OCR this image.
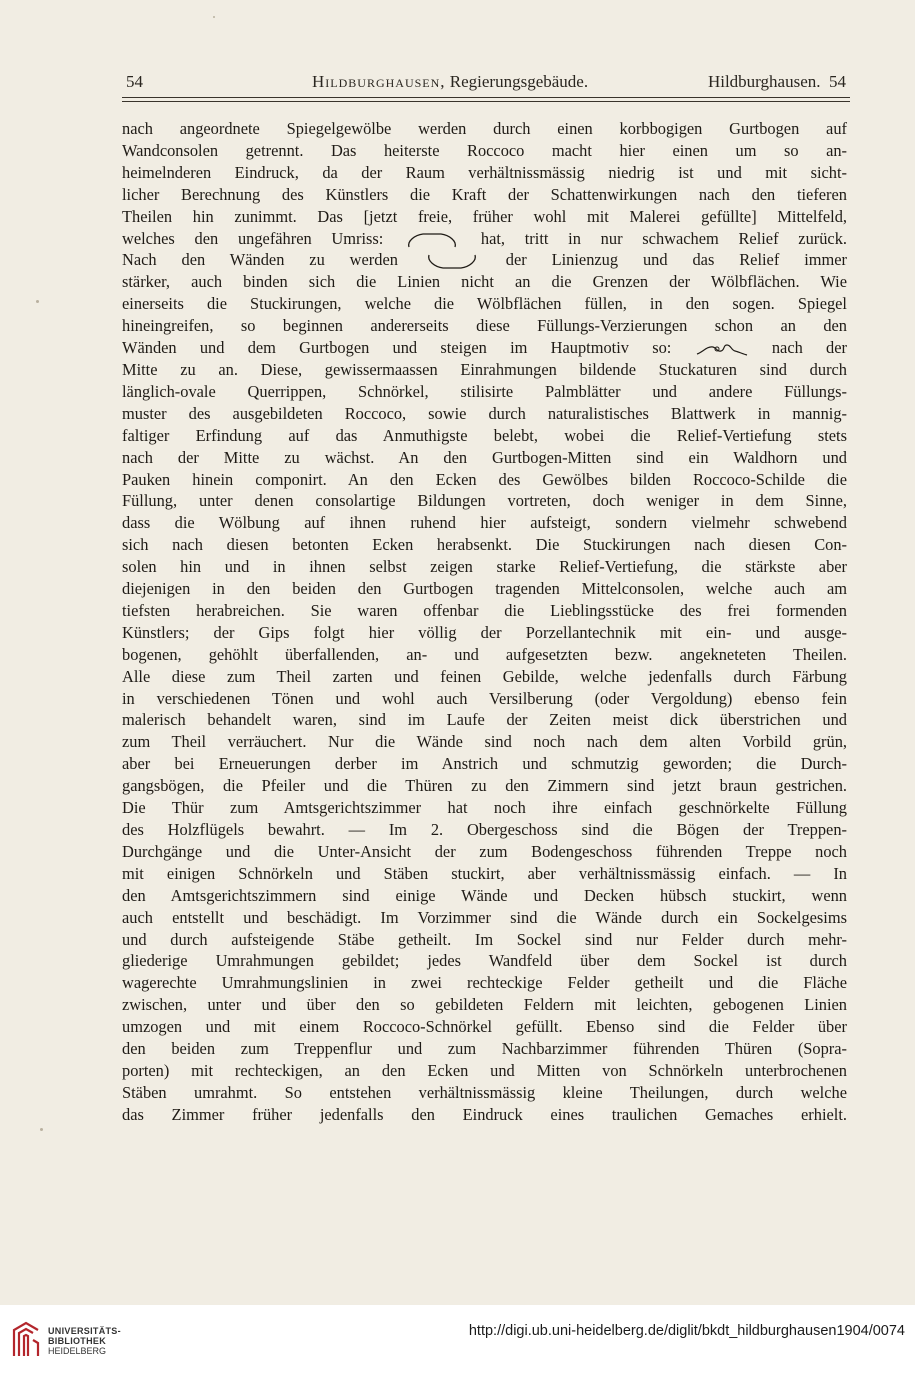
54	Hildburghausen, Regierungsgebäude.	Hildburghausen. 54
nach angeordnete Spiegelgewölbe werden durch einen korbbogigen Gurtbogen auf
Wandconsolen getrennt. Das heiterste Roccoco macht hier einen um so an-
heimelnderen Eindruck, da der Raum verhältnissmässig niedrig ist und mit sicht-
licher Berechnung des Künstlers die Kraft der Schattenwirkungen nach den tieferen
Theilen hin zunimmt. Das [jetzt freie, früher wohl mit Malerei gefüllte] Mittelfeld,
welches den ungefähren Umriss:	hat, tritt in nur schwachem Relief zurück.
Nach den Wänden zu werden	der Linienzug und das Relief immer
stärker, auch binden sich die Linien nicht an die Grenzen der Wölbflächen. Wie
einerseits die Stuckirungen, welche die Wölbflächen füllen, in den sogen. Spiegel
hineingreifen, so beginnen andererseits diese Füllungs-Verzierungen schon an den
Wänden und dem Gurtbogen und steigen im Hauptmotiv so:	nach der
Mitte zu an. Diese, gewissermaassen Einrahmungen bildende Stuckaturen sind durch
länglich-ovale Querrippen, Schnörkel, stilisirte Palmblätter und andere Füllungs-
muster des ausgebildeten Roccoco, sowie durch naturalistisches Blattwerk in mannig-
faltiger Erfindung auf das Anmuthigste belebt, wobei die Relief-Vertiefung stets
nach der Mitte zu wächst. An den Gurtbogen-Mitten sind ein Waldhorn und
Pauken hinein componirt. An den Ecken des Gewölbes bilden Roccoco-Schilde die
Füllung, unter denen consolartige Bildungen vortreten, doch weniger in dem Sinne,
dass die Wölbung auf ihnen ruhend hier aufsteigt, sondern vielmehr schwebend
sich nach diesen betonten Ecken herabsenkt. Die Stuckirungen nach diesen Con-
solen hin und in ihnen selbst zeigen starke Relief-Vertiefung, die stärkste aber
diejenigen in den beiden den Gurtbogen tragenden Mittelconsolen, welche auch am
tiefsten herabreichen. Sie waren offenbar die Lieblingsstücke des frei formenden
Künstlers; der Gips folgt hier völlig der Porzellantechnik mit ein- und ausge-
bogenen, gehöhlt überfallenden, an- und aufgesetzten bezw. angekneteten Theilen.
Alle diese zum Theil zarten und feinen Gebilde, welche jedenfalls durch Färbung
in verschiedenen Tönen und wohl auch Versilberung (oder Vergoldung) ebenso fein
malerisch behandelt waren, sind im Laufe der Zeiten meist dick überstrichen und
zum Theil verräuchert. Nur die Wände sind noch nach dem alten Vorbild grün,
aber bei Erneuerungen derber im Anstrich und schmutzig geworden; die Durch-
gangsbögen, die Pfeiler und die Thüren zu den Zimmern sind jetzt braun gestrichen.
Die Thür zum Amtsgerichtszimmer hat noch ihre einfach geschnörkelte Füllung
des Holzflügels bewahrt. — Im 2. Obergeschoss sind die Bögen der Treppen-
Durchgänge und die Unter-Ansicht der zum Bodengeschoss führenden Treppe noch
mit einigen Schnörkeln und Stäben stuckirt, aber verhältnissmässig einfach. — In
den Amtsgerichtszimmern sind einige Wände und Decken hübsch stuckirt, wenn
auch entstellt und beschädigt. Im Vorzimmer sind die Wände durch ein Sockelgesims
und durch aufsteigende Stäbe getheilt. Im Sockel sind nur Felder durch mehr-
gliederige Umrahmungen gebildet; jedes Wandfeld über dem Sockel ist durch
wagerechte Umrahmungslinien in zwei rechteckige Felder getheilt und die Fläche
zwischen, unter und über den so gebildeten Feldern mit leichten, gebogenen Linien
umzogen und mit einem Roccoco-Schnörkel gefüllt. Ebenso sind die Felder über
den beiden zum Treppenflur und zum Nachbarzimmer führenden Thüren (Sopra-
porten) mit rechteckigen, an den Ecken und Mitten von Schnörkeln unterbrochenen
Stäben umrahmt. So entstehen verhältnissmässig kleine Theilungen, durch welche
das Zimmer früher jedenfalls den Eindruck eines traulichen Gemaches erhielt.
UNIVERSITÄTS-
BIBLIOTHEK
HEIDELBERG
http://digi.ub.uni-heidelberg.de/diglit/bkdt_hildburghausen1904/0074
